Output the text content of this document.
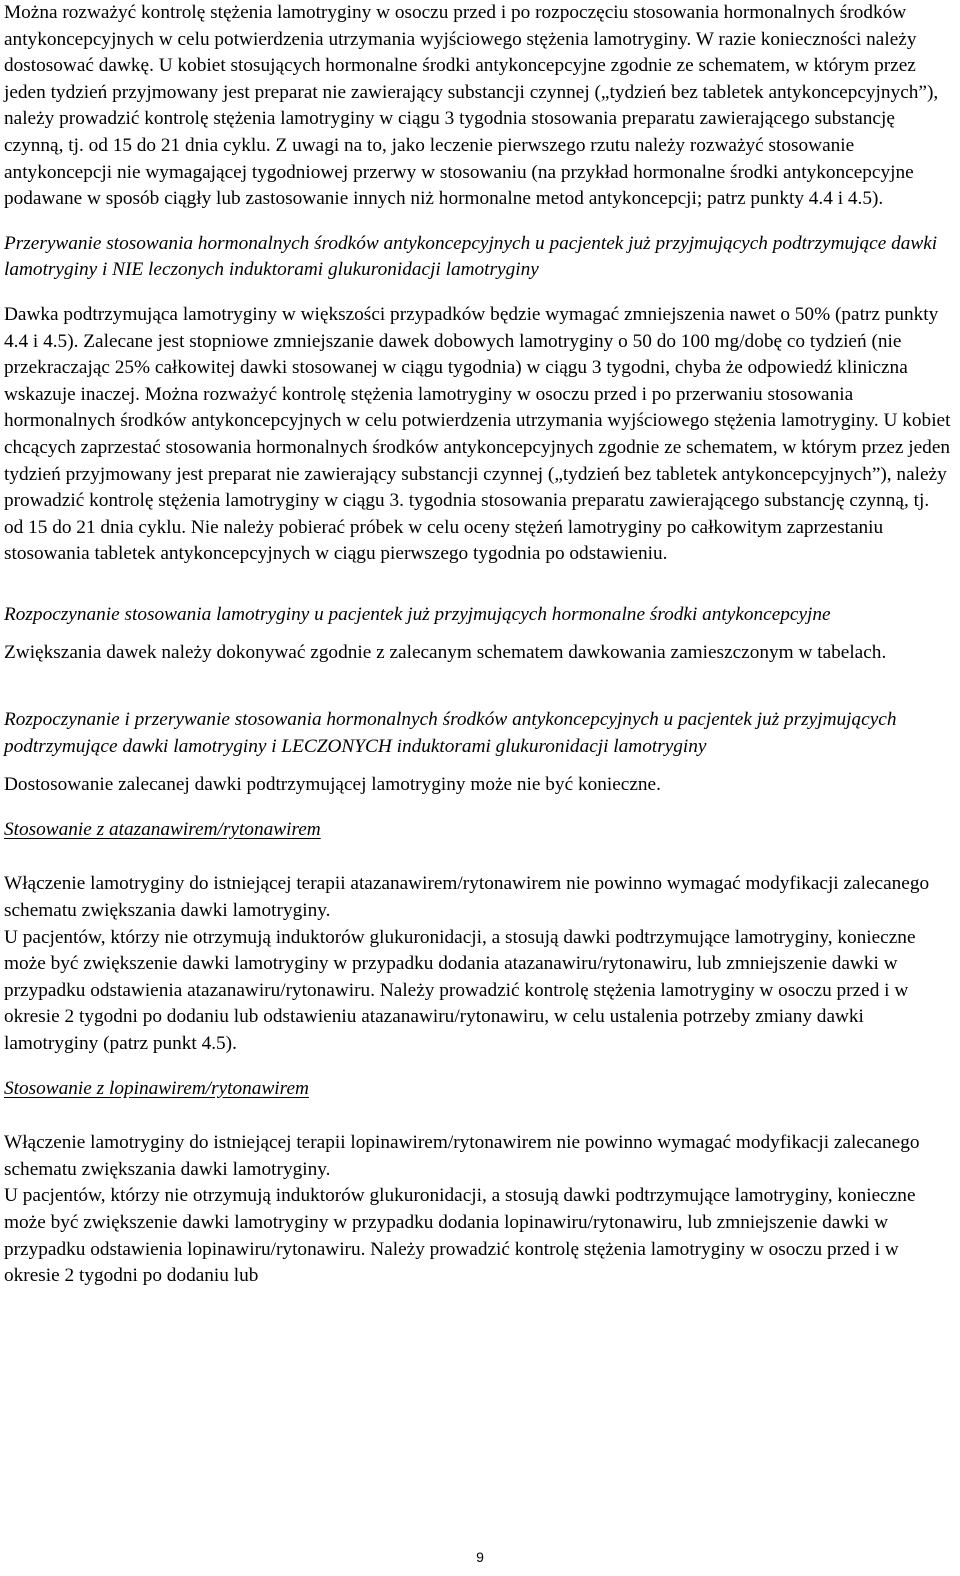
Można rozważyć kontrolę stężenia lamotryginy w osoczu przed i po rozpoczęciu stosowania hormonalnych środków antykoncepcyjnych w celu potwierdzenia utrzymania wyjściowego stężenia lamotryginy. W razie konieczności należy dostosować dawkę. U kobiet stosujących hormonalne środki antykoncepcyjne zgodnie ze schematem, w którym przez jeden tydzień przyjmowany jest preparat nie zawierający substancji czynnej („tydzień bez tabletek antykoncepcyjnych”), należy prowadzić kontrolę stężenia lamotryginy w ciągu 3 tygodnia stosowania preparatu zawierającego substancję czynną, tj. od 15 do 21 dnia cyklu. Z uwagi na to, jako leczenie pierwszego rzutu należy rozważyć stosowanie antykoncepcji nie wymagającej tygodniowej przerwy w stosowaniu (na przykład hormonalne środki antykoncepcyjne podawane w sposób ciągły lub zastosowanie innych niż hormonalne metod antykoncepcji; patrz punkty 4.4 i 4.5).

Przerywanie stosowania hormonalnych środków antykoncepcyjnych u pacjentek już przyjmujących podtrzymujące dawki lamotryginy i NIE leczonych induktorami glukuronidacji lamotryginy

Dawka podtrzymująca lamotryginy w większości przypadków będzie wymagać zmniejszenia nawet o 50% (patrz punkty 4.4 i 4.5). Zalecane jest stopniowe zmniejszanie dawek dobowych lamotryginy o 50 do 100 mg/dobę co tydzień (nie przekraczając 25% całkowitej dawki stosowanej w ciągu tygodnia) w ciągu 3 tygodni, chyba że odpowiedź kliniczna wskazuje inaczej. Można rozważyć kontrolę stężenia lamotryginy w osoczu przed i po przerwaniu stosowania hormonalnych środków antykoncepcyjnych w celu potwierdzenia utrzymania wyjściowego stężenia lamotryginy. U kobiet chcących zaprzestać stosowania hormonalnych środków antykoncepcyjnych zgodnie ze schematem, w którym przez jeden tydzień przyjmowany jest preparat nie zawierający substancji czynnej („tydzień bez tabletek antykoncepcyjnych”), należy prowadzić kontrolę stężenia lamotryginy w ciągu 3. tygodnia stosowania preparatu zawierającego substancję czynną, tj. od 15 do 21 dnia cyklu. Nie należy pobierać próbek w celu oceny stężeń lamotryginy po całkowitym zaprzestaniu stosowania tabletek antykoncepcyjnych w ciągu pierwszego tygodnia po odstawieniu.

Rozpoczynanie stosowania lamotryginy u pacjentek już przyjmujących hormonalne środki antykoncepcyjne

Zwiększania dawek należy dokonywać zgodnie z zalecanym schematem dawkowania zamieszczonym w tabelach.

Rozpoczynanie i przerywanie stosowania hormonalnych środków antykoncepcyjnych u pacjentek już przyjmujących podtrzymujące dawki lamotryginy i LECZONYCH induktorami glukuronidacji lamotryginy

Dostosowanie zalecanej dawki podtrzymującej lamotryginy może nie być konieczne.

Stosowanie z atazanawirem/rytonawirem

Włączenie lamotryginy do istniejącej terapii atazanawirem/rytonawirem nie powinno wymagać modyfikacji zalecanego schematu zwiększania dawki lamotryginy.

U pacjentów, którzy nie otrzymują induktorów glukuronidacji, a stosują dawki podtrzymujące lamotryginy, konieczne może być zwiększenie dawki lamotryginy w przypadku dodania atazanawiru/rytonawiru, lub zmniejszenie dawki w przypadku odstawienia atazanawiru/rytonawiru. Należy prowadzić kontrolę stężenia lamotryginy w osoczu przed i w okresie 2 tygodni po dodaniu lub odstawieniu atazanawiru/rytonawiru, w celu ustalenia potrzeby zmiany dawki lamotryginy (patrz punkt 4.5).

Stosowanie z lopinawirem/rytonawirem

Włączenie lamotryginy do istniejącej terapii lopinawirem/rytonawirem nie powinno wymagać modyfikacji zalecanego schematu zwiększania dawki lamotryginy.

U pacjentów, którzy nie otrzymują induktorów glukuronidacji, a stosują dawki podtrzymujące lamotryginy, konieczne może być zwiększenie dawki lamotryginy w przypadku dodania lopinawiru/rytonawiru, lub zmniejszenie dawki w przypadku odstawienia lopinawiru/rytonawiru. Należy prowadzić kontrolę stężenia lamotryginy w osoczu przed i w okresie 2 tygodni po dodaniu lub

9
